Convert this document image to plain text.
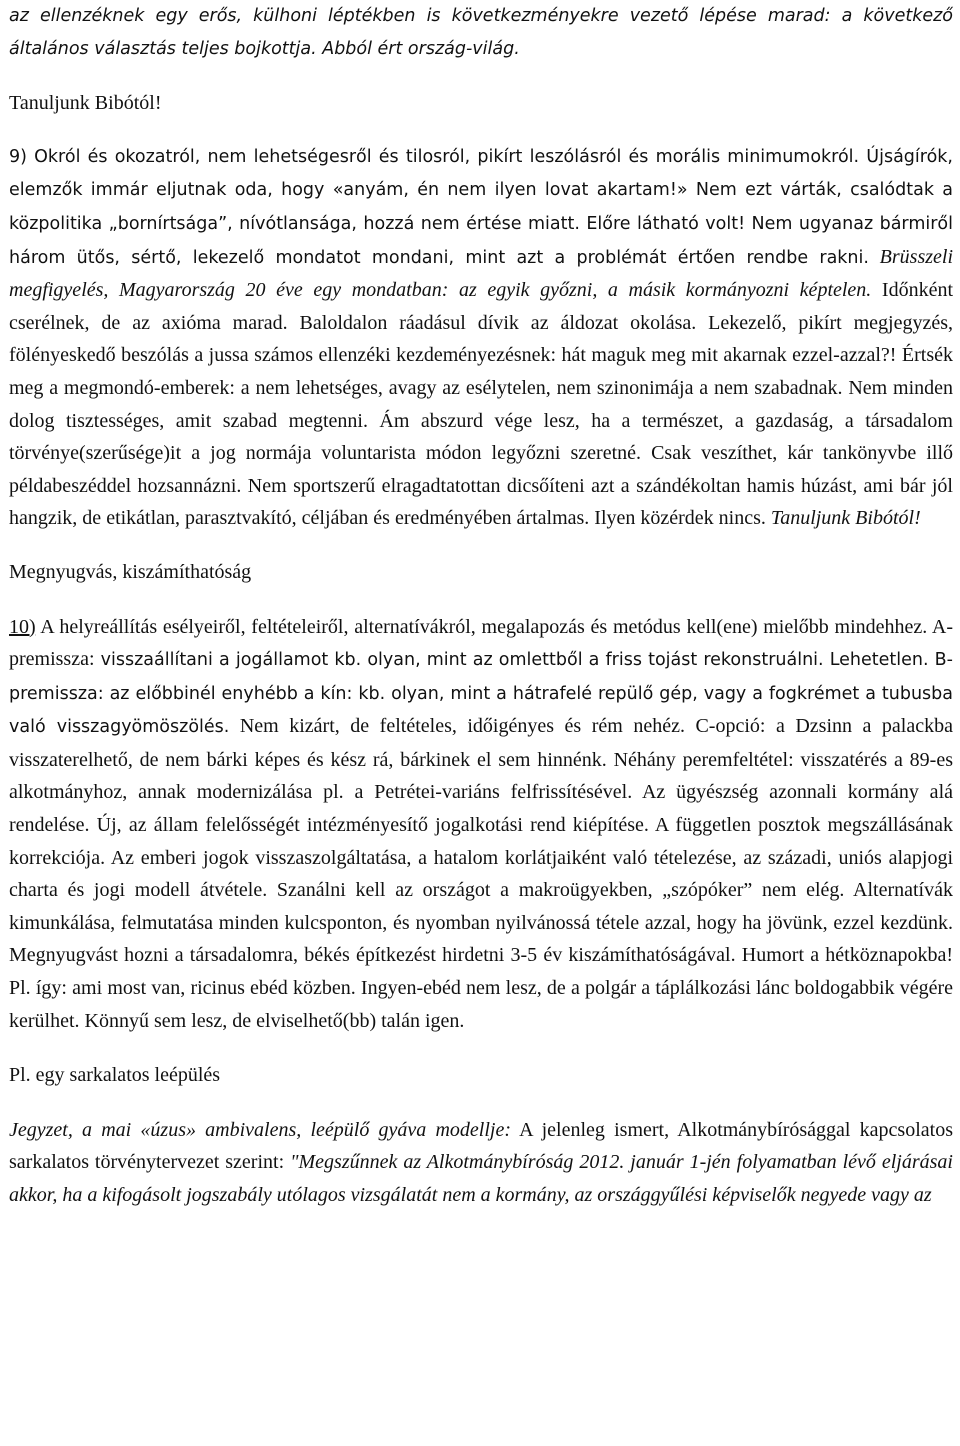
az ellenzéknek egy erős, külhoni léptékben is következményekre vezető lépése marad: a következő általános választás teljes bojkottja. Abból ért ország-világ.

Tanuljunk Bibótól!

9) Okról és okozatról, nem lehetségesről és tilosról, pikírt leszólásról és morális minimumokról. Újságírók, elemzők immár eljutnak oda, hogy «anyám, én nem ilyen lovat akartam!» Nem ezt várták, csalódtak a közpolitika „bornírtsága”, nívótlansága, hozzá nem értése miatt. Előre látható volt! Nem ugyanaz bármiről három ütős, sértő, lekezelő mondatot mondani, mint azt a problémát értően rendbe rakni. Brüsszeli megfigyelés, Magyarország 20 éve egy mondatban: az egyik győzni, a másik kormányozni képtelen. Időnként cserélnek, de az axióma marad. Baloldalon ráadásul dívik az áldozat okolása. Lekezelő, pikírt megjegyzés, fölényeskedő beszólás a jussa számos ellenzéki kezdeményezésnek: hát maguk meg mit akarnak ezzel-azzal?! Értsék meg a megmondó-emberek: a nem lehetséges, avagy az esélytelen, nem szinonimája a nem szabadnak. Nem minden dolog tisztességes, amit szabad megtenni. Ám abszurd vége lesz, ha a természet, a gazdaság, a társadalom törvénye(szerűsége)it a jog normája voluntarista módon legyőzni szeretné. Csak veszíthet, kár tankönyvbe illő példabeszéddel hozsannázni. Nem sportszerű elragadtatottan dicsőíteni azt a szándékoltan hamis húzást, ami bár jól hangzik, de etikátlan, parasztvakító, céljában és eredményében ártalmas. Ilyen közérdek nincs. Tanuljunk Bibótól!

Megnyugvás, kiszámíthatóság

10) A helyreállítás esélyeiről, feltételeiről, alternatívákról, megalapozás és metódus kell(ene) mielőbb mindehhez. A-premissza: visszaállítani a jogállamot kb. olyan, mint az omlettből a friss tojást rekonstruálni. Lehetetlen. B-premissza: az előbbinél enyhébb a kín: kb. olyan, mint a hátrafelé repülő gép, vagy a fogkrémet a tubusba való visszagyömöszölés. Nem kizárt, de feltételes, időigényes és rém nehéz. C-opció: a Dzsinn a palackba visszaterelhető, de nem bárki képes és kész rá, bárkinek el sem hinnénk. Néhány peremfeltétel: visszatérés a 89-es alkotmányhoz, annak modernizálása pl. a Petrétei-variáns felfrissítésével. Az ügyészség azonnali kormány alá rendelése. Új, az állam felelősségét intézményesítő jogalkotási rend kiépítése. A független posztok megszállásának korrekciója. Az emberi jogok visszaszolgáltatása, a hatalom korlátjaiként való tételezése, az századi, uniós alapjogi charta és jogi modell átvétele. Szanálni kell az országot a makroügyekben, „szópóker” nem elég. Alternatívák kimunkálása, felmutatása minden kulcsponton, és nyomban nyilvánossá tétele azzal, hogy ha jövünk, ezzel kezdünk. Megnyugvást hozni a társadalomra, békés építkezést hirdetni 3-5 év kiszámíthatóságával. Humort a hétköznapokba! Pl. így: ami most van, ricinus ebéd közben. Ingyen-ebéd nem lesz, de a polgár a táplálkozási lánc boldogabbik végére kerülhet. Könnyű sem lesz, de elviselhető(bb) talán igen.

Pl. egy sarkalatos leépülés

Jegyzet, a mai «úzus» ambivalens, leépülő gyáva modellje: A jelenleg ismert, Alkotmánybírósággal kapcsolatos sarkalatos törvénytervezet szerint: "Megszűnnek az Alkotmánybíróság 2012. január 1-jén folyamatban lévő eljárásai akkor, ha a kifogásolt jogszabály utólagos vizsgálatát nem a kormány, az országgyűlési képviselők negyede vagy az
